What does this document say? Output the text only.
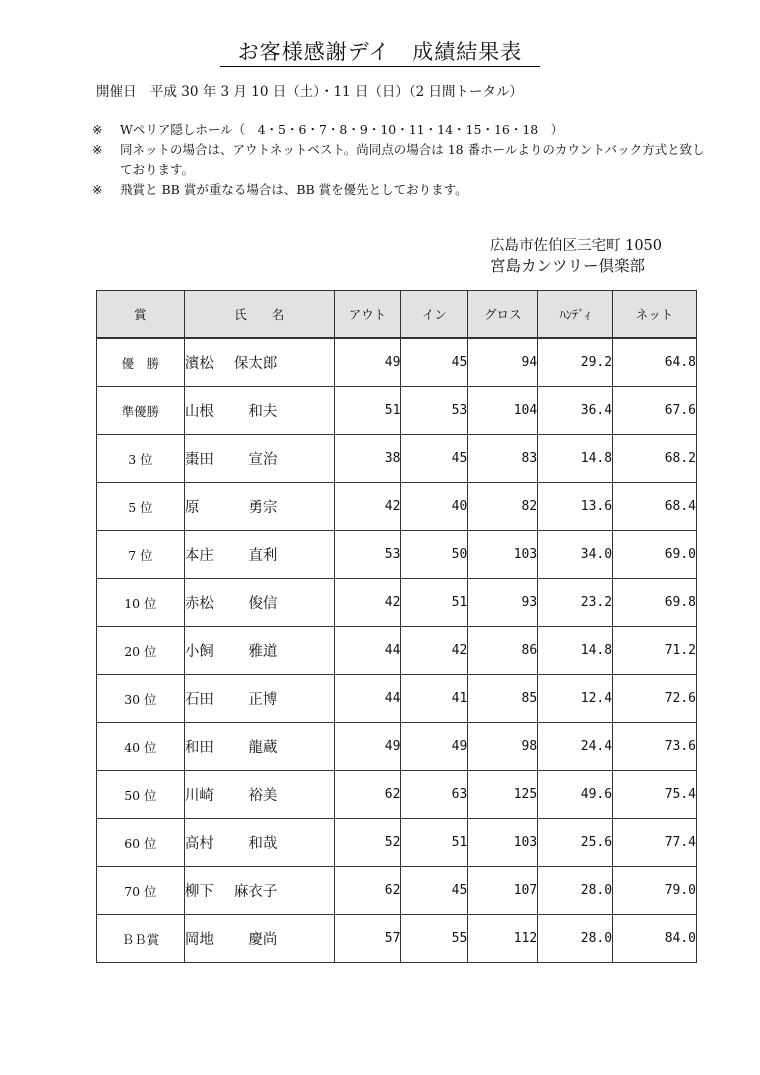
お客様感謝デイ　成績結果表
開催日　平成 30 年 3 月 10 日（土）・11 日（日）（2 日間トータル）
※	Wペリア隠しホール（　4・5・6・7・8・9・10・11・14・15・16・18　）
※	同ネットの場合は、アウトネットベスト。尚同点の場合は 18 番ホールよりのカウントバック方式と致しております。
※	飛賞と BB 賞が重なる場合は、BB 賞を優先としております。
広島市佐伯区三宅町 1050
宮島カンツリー倶楽部
賞	氏　　名	アウト	イン	グロス	ﾊﾝﾃﾞｨ	ネット
優　勝	濱松 保太郎	49	45	94	29.2	64.8
準優勝	山根　和夫	51	53	104	36.4	67.6
3 位	棗田　宣治	38	45	83	14.8	68.2
5 位	原　　勇宗	42	40	82	13.6	68.4
7 位	本庄　直利	53	50	103	34.0	69.0
10 位	赤松　俊信	42	51	93	23.2	69.8
20 位	小飼　雅道	44	42	86	14.8	71.2
30 位	石田　正博	44	41	85	12.4	72.6
40 位	和田　龍蔵	49	49	98	24.4	73.6
50 位	川崎　裕美	62	63	125	49.6	75.4
60 位	高村　和哉	52	51	103	25.6	77.4
70 位	柳下 麻衣子	62	45	107	28.0	79.0
ＢＢ賞	岡地　慶尚	57	55	112	28.0	84.0
